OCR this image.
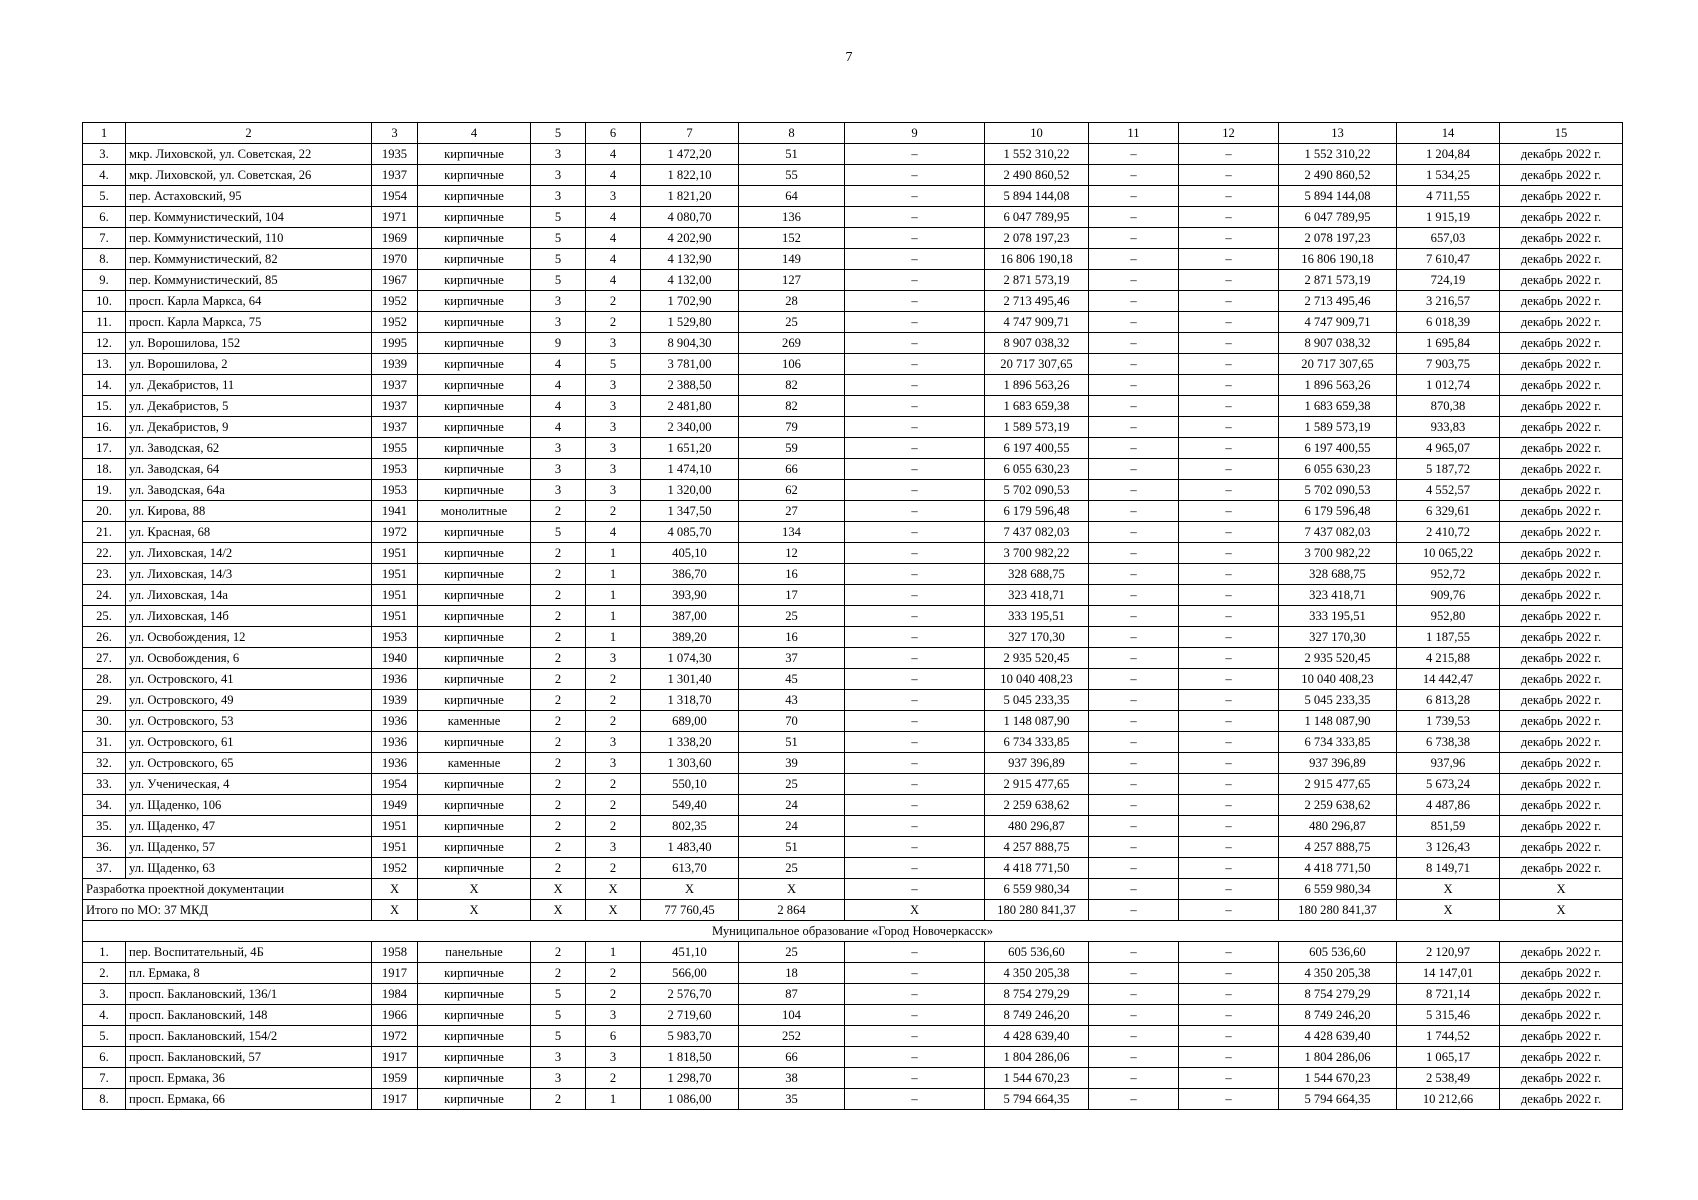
7
1	2	3	4	5	6	7	8	9	10	11	12	13	14	15
3.	мкр. Лиховской, ул. Советская, 22	1935	кирпичные	3	4	1 472,20	51	–	1 552 310,22	–	–	1 552 310,22	1 204,84	декабрь 2022 г.
4.	мкр. Лиховской, ул. Советская, 26	1937	кирпичные	3	4	1 822,10	55	–	2 490 860,52	–	–	2 490 860,52	1 534,25	декабрь 2022 г.
5.	пер. Астаховский, 95	1954	кирпичные	3	3	1 821,20	64	–	5 894 144,08	–	–	5 894 144,08	4 711,55	декабрь 2022 г.
6.	пер. Коммунистический, 104	1971	кирпичные	5	4	4 080,70	136	–	6 047 789,95	–	–	6 047 789,95	1 915,19	декабрь 2022 г.
7.	пер. Коммунистический, 110	1969	кирпичные	5	4	4 202,90	152	–	2 078 197,23	–	–	2 078 197,23	657,03	декабрь 2022 г.
8.	пер. Коммунистический, 82	1970	кирпичные	5	4	4 132,90	149	–	16 806 190,18	–	–	16 806 190,18	7 610,47	декабрь 2022 г.
9.	пер. Коммунистический, 85	1967	кирпичные	5	4	4 132,00	127	–	2 871 573,19	–	–	2 871 573,19	724,19	декабрь 2022 г.
10.	просп. Карла Маркса, 64	1952	кирпичные	3	2	1 702,90	28	–	2 713 495,46	–	–	2 713 495,46	3 216,57	декабрь 2022 г.
11.	просп. Карла Маркса, 75	1952	кирпичные	3	2	1 529,80	25	–	4 747 909,71	–	–	4 747 909,71	6 018,39	декабрь 2022 г.
12.	ул. Ворошилова, 152	1995	кирпичные	9	3	8 904,30	269	–	8 907 038,32	–	–	8 907 038,32	1 695,84	декабрь 2022 г.
13.	ул. Ворошилова, 2	1939	кирпичные	4	5	3 781,00	106	–	20 717 307,65	–	–	20 717 307,65	7 903,75	декабрь 2022 г.
14.	ул. Декабристов, 11	1937	кирпичные	4	3	2 388,50	82	–	1 896 563,26	–	–	1 896 563,26	1 012,74	декабрь 2022 г.
15.	ул. Декабристов, 5	1937	кирпичные	4	3	2 481,80	82	–	1 683 659,38	–	–	1 683 659,38	870,38	декабрь 2022 г.
16.	ул. Декабристов, 9	1937	кирпичные	4	3	2 340,00	79	–	1 589 573,19	–	–	1 589 573,19	933,83	декабрь 2022 г.
17.	ул. Заводская, 62	1955	кирпичные	3	3	1 651,20	59	–	6 197 400,55	–	–	6 197 400,55	4 965,07	декабрь 2022 г.
18.	ул. Заводская, 64	1953	кирпичные	3	3	1 474,10	66	–	6 055 630,23	–	–	6 055 630,23	5 187,72	декабрь 2022 г.
19.	ул. Заводская, 64а	1953	кирпичные	3	3	1 320,00	62	–	5 702 090,53	–	–	5 702 090,53	4 552,57	декабрь 2022 г.
20.	ул. Кирова, 88	1941	монолитные	2	2	1 347,50	27	–	6 179 596,48	–	–	6 179 596,48	6 329,61	декабрь 2022 г.
21.	ул. Красная, 68	1972	кирпичные	5	4	4 085,70	134	–	7 437 082,03	–	–	7 437 082,03	2 410,72	декабрь 2022 г.
22.	ул. Лиховская, 14/2	1951	кирпичные	2	1	405,10	12	–	3 700 982,22	–	–	3 700 982,22	10 065,22	декабрь 2022 г.
23.	ул. Лиховская, 14/3	1951	кирпичные	2	1	386,70	16	–	328 688,75	–	–	328 688,75	952,72	декабрь 2022 г.
24.	ул. Лиховская, 14а	1951	кирпичные	2	1	393,90	17	–	323 418,71	–	–	323 418,71	909,76	декабрь 2022 г.
25.	ул. Лиховская, 14б	1951	кирпичные	2	1	387,00	25	–	333 195,51	–	–	333 195,51	952,80	декабрь 2022 г.
26.	ул. Освобождения, 12	1953	кирпичные	2	1	389,20	16	–	327 170,30	–	–	327 170,30	1 187,55	декабрь 2022 г.
27.	ул. Освобождения, 6	1940	кирпичные	2	3	1 074,30	37	–	2 935 520,45	–	–	2 935 520,45	4 215,88	декабрь 2022 г.
28.	ул. Островского, 41	1936	кирпичные	2	2	1 301,40	45	–	10 040 408,23	–	–	10 040 408,23	14 442,47	декабрь 2022 г.
29.	ул. Островского, 49	1939	кирпичные	2	2	1 318,70	43	–	5 045 233,35	–	–	5 045 233,35	6 813,28	декабрь 2022 г.
30.	ул. Островского, 53	1936	каменные	2	2	689,00	70	–	1 148 087,90	–	–	1 148 087,90	1 739,53	декабрь 2022 г.
31.	ул. Островского, 61	1936	кирпичные	2	3	1 338,20	51	–	6 734 333,85	–	–	6 734 333,85	6 738,38	декабрь 2022 г.
32.	ул. Островского, 65	1936	каменные	2	3	1 303,60	39	–	937 396,89	–	–	937 396,89	937,96	декабрь 2022 г.
33.	ул. Ученическая, 4	1954	кирпичные	2	2	550,10	25	–	2 915 477,65	–	–	2 915 477,65	5 673,24	декабрь 2022 г.
34.	ул. Щаденко, 106	1949	кирпичные	2	2	549,40	24	–	2 259 638,62	–	–	2 259 638,62	4 487,86	декабрь 2022 г.
35.	ул. Щаденко, 47	1951	кирпичные	2	2	802,35	24	–	480 296,87	–	–	480 296,87	851,59	декабрь 2022 г.
36.	ул. Щаденко, 57	1951	кирпичные	2	3	1 483,40	51	–	4 257 888,75	–	–	4 257 888,75	3 126,43	декабрь 2022 г.
37.	ул. Щаденко, 63	1952	кирпичные	2	2	613,70	25	–	4 418 771,50	–	–	4 418 771,50	8 149,71	декабрь 2022 г.
Разработка проектной документации		X	X	X	X	X	X	–	6 559 980,34	–	–	6 559 980,34	X	X
Итого по МО: 37 МКД		X	X	X	X	77 760,45	2 864	X	180 280 841,37	–	–	180 280 841,37	X	X
Муниципальное образование «Город Новочеркасск»														
1.	пер. Воспитательный, 4Б	1958	панельные	2	1	451,10	25	–	605 536,60	–	–	605 536,60	2 120,97	декабрь 2022 г.
2.	пл. Ермака, 8	1917	кирпичные	2	2	566,00	18	–	4 350 205,38	–	–	4 350 205,38	14 147,01	декабрь 2022 г.
3.	просп. Баклановский, 136/1	1984	кирпичные	5	2	2 576,70	87	–	8 754 279,29	–	–	8 754 279,29	8 721,14	декабрь 2022 г.
4.	просп. Баклановский, 148	1966	кирпичные	5	3	2 719,60	104	–	8 749 246,20	–	–	8 749 246,20	5 315,46	декабрь 2022 г.
5.	просп. Баклановский, 154/2	1972	кирпичные	5	6	5 983,70	252	–	4 428 639,40	–	–	4 428 639,40	1 744,52	декабрь 2022 г.
6.	просп. Баклановский, 57	1917	кирпичные	3	3	1 818,50	66	–	1 804 286,06	–	–	1 804 286,06	1 065,17	декабрь 2022 г.
7.	просп. Ермака, 36	1959	кирпичные	3	2	1 298,70	38	–	1 544 670,23	–	–	1 544 670,23	2 538,49	декабрь 2022 г.
8.	просп. Ермака, 66	1917	кирпичные	2	1	1 086,00	35	–	5 794 664,35	–	–	5 794 664,35	10 212,66	декабрь 2022 г.
